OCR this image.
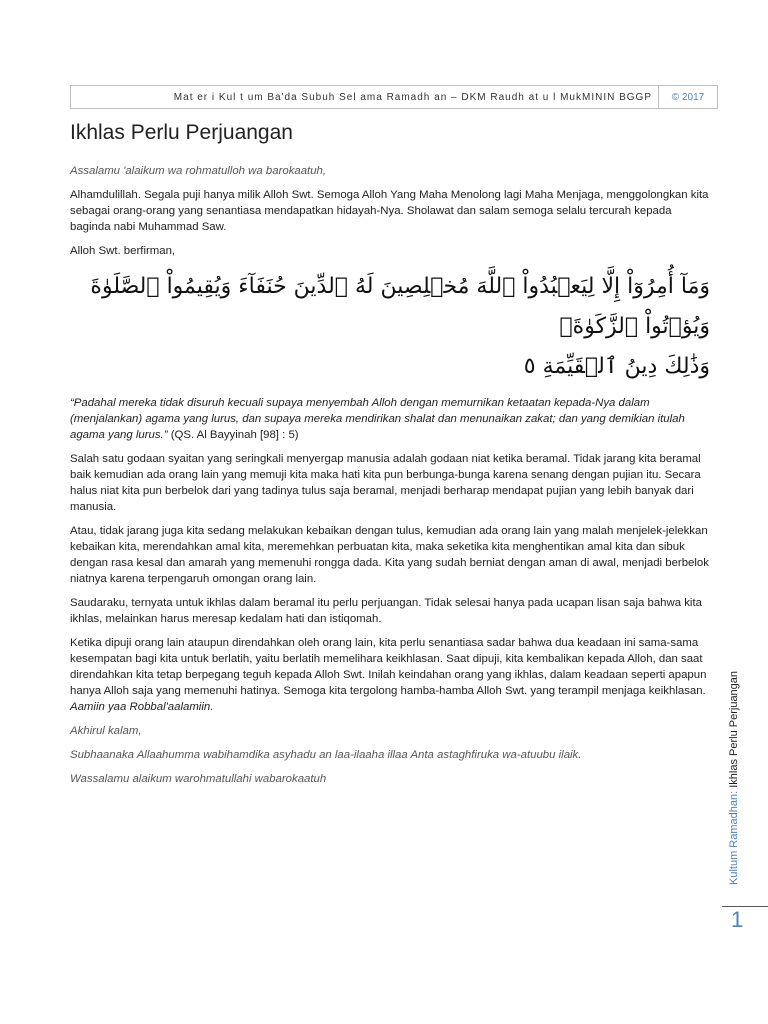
Mat er i Kul t um Ba'da Subuh Sel ama Ramadh an – DKM Raudh at u l MukMININ BGGP	© 2017
Ikhlas Perlu Perjuangan

Assalamu 'alaikum wa rohmatulloh wa barokaatuh,

Alhamdulillah. Segala puji hanya milik Alloh Swt. Semoga Alloh Yang Maha Menolong lagi Maha Menjaga, menggolongkan kita sebagai orang-orang yang senantiasa mendapatkan hidayah-Nya. Sholawat dan salam semoga selalu tercurah kepada baginda nabi Muhammad Saw.

Alloh Swt. berfirman,

وَمَآ أُمِرُوٓاْ إِلَّا لِيَعۡبُدُواْ ٱللَّهَ مُخۡلِصِينَ لَهُ ٱلدِّينَ حُنَفَآءَ وَيُقِيمُواْ ٱلصَّلَوٰةَ وَيُؤۡتُواْ ٱلزَّكَوٰةَۚ
وَذَٰلِكَ دِينُ ٱلۡقَيِّمَةِ ٥

“Padahal mereka tidak disuruh kecuali supaya menyembah Alloh dengan memurnikan ketaatan kepada-Nya dalam (menjalankan) agama yang lurus, dan supaya mereka mendirikan shalat dan menunaikan zakat; dan yang demikian itulah agama yang lurus.” (QS. Al Bayyinah [98] : 5)

Salah satu godaan syaitan yang seringkali menyergap manusia adalah godaan niat ketika beramal. Tidak jarang kita beramal baik kemudian ada orang lain yang memuji kita maka hati kita pun berbunga-bunga karena senang dengan pujian itu. Secara halus niat kita pun berbelok dari yang tadinya tulus saja beramal, menjadi berharap mendapat pujian yang lebih banyak dari manusia.

Atau, tidak jarang juga kita sedang melakukan kebaikan dengan tulus, kemudian ada orang lain yang malah menjelek-jelekkan kebaikan kita, merendahkan amal kita, meremehkan perbuatan kita, maka seketika kita menghentikan amal kita dan sibuk dengan rasa kesal dan amarah yang memenuhi rongga dada. Kita yang sudah berniat dengan aman di awal, menjadi berbelok niatnya karena terpengaruh omongan orang lain.

Saudaraku, ternyata untuk ikhlas dalam beramal itu perlu perjuangan. Tidak selesai hanya pada ucapan lisan saja bahwa kita ikhlas, melainkan harus meresap kedalam hati dan istiqomah.

Ketika dipuji orang lain ataupun direndahkan oleh orang lain, kita perlu senantiasa sadar bahwa dua keadaan ini sama-sama kesempatan bagi kita untuk berlatih, yaitu berlatih memelihara keikhlasan. Saat dipuji, kita kembalikan kepada Alloh, dan saat direndahkan kita tetap berpegang teguh kepada Alloh Swt. Inilah keindahan orang yang ikhlas, dalam keadaan seperti apapun hanya Alloh saja yang memenuhi hatinya. Semoga kita tergolong hamba-hamba Alloh Swt. yang terampil menjaga keikhlasan. Aamiin yaa Robbal'aalamiin.

Akhirul kalam,

Subhaanaka Allaahumma wabihamdika asyhadu an laa-ilaaha illaa Anta astaghfiruka wa-atuubu ilaik.

Wassalamu alaikum warohmatullahi wabarokaatuh

Kultum Ramadhan: Ikhlas Perlu Perjuangan
1
